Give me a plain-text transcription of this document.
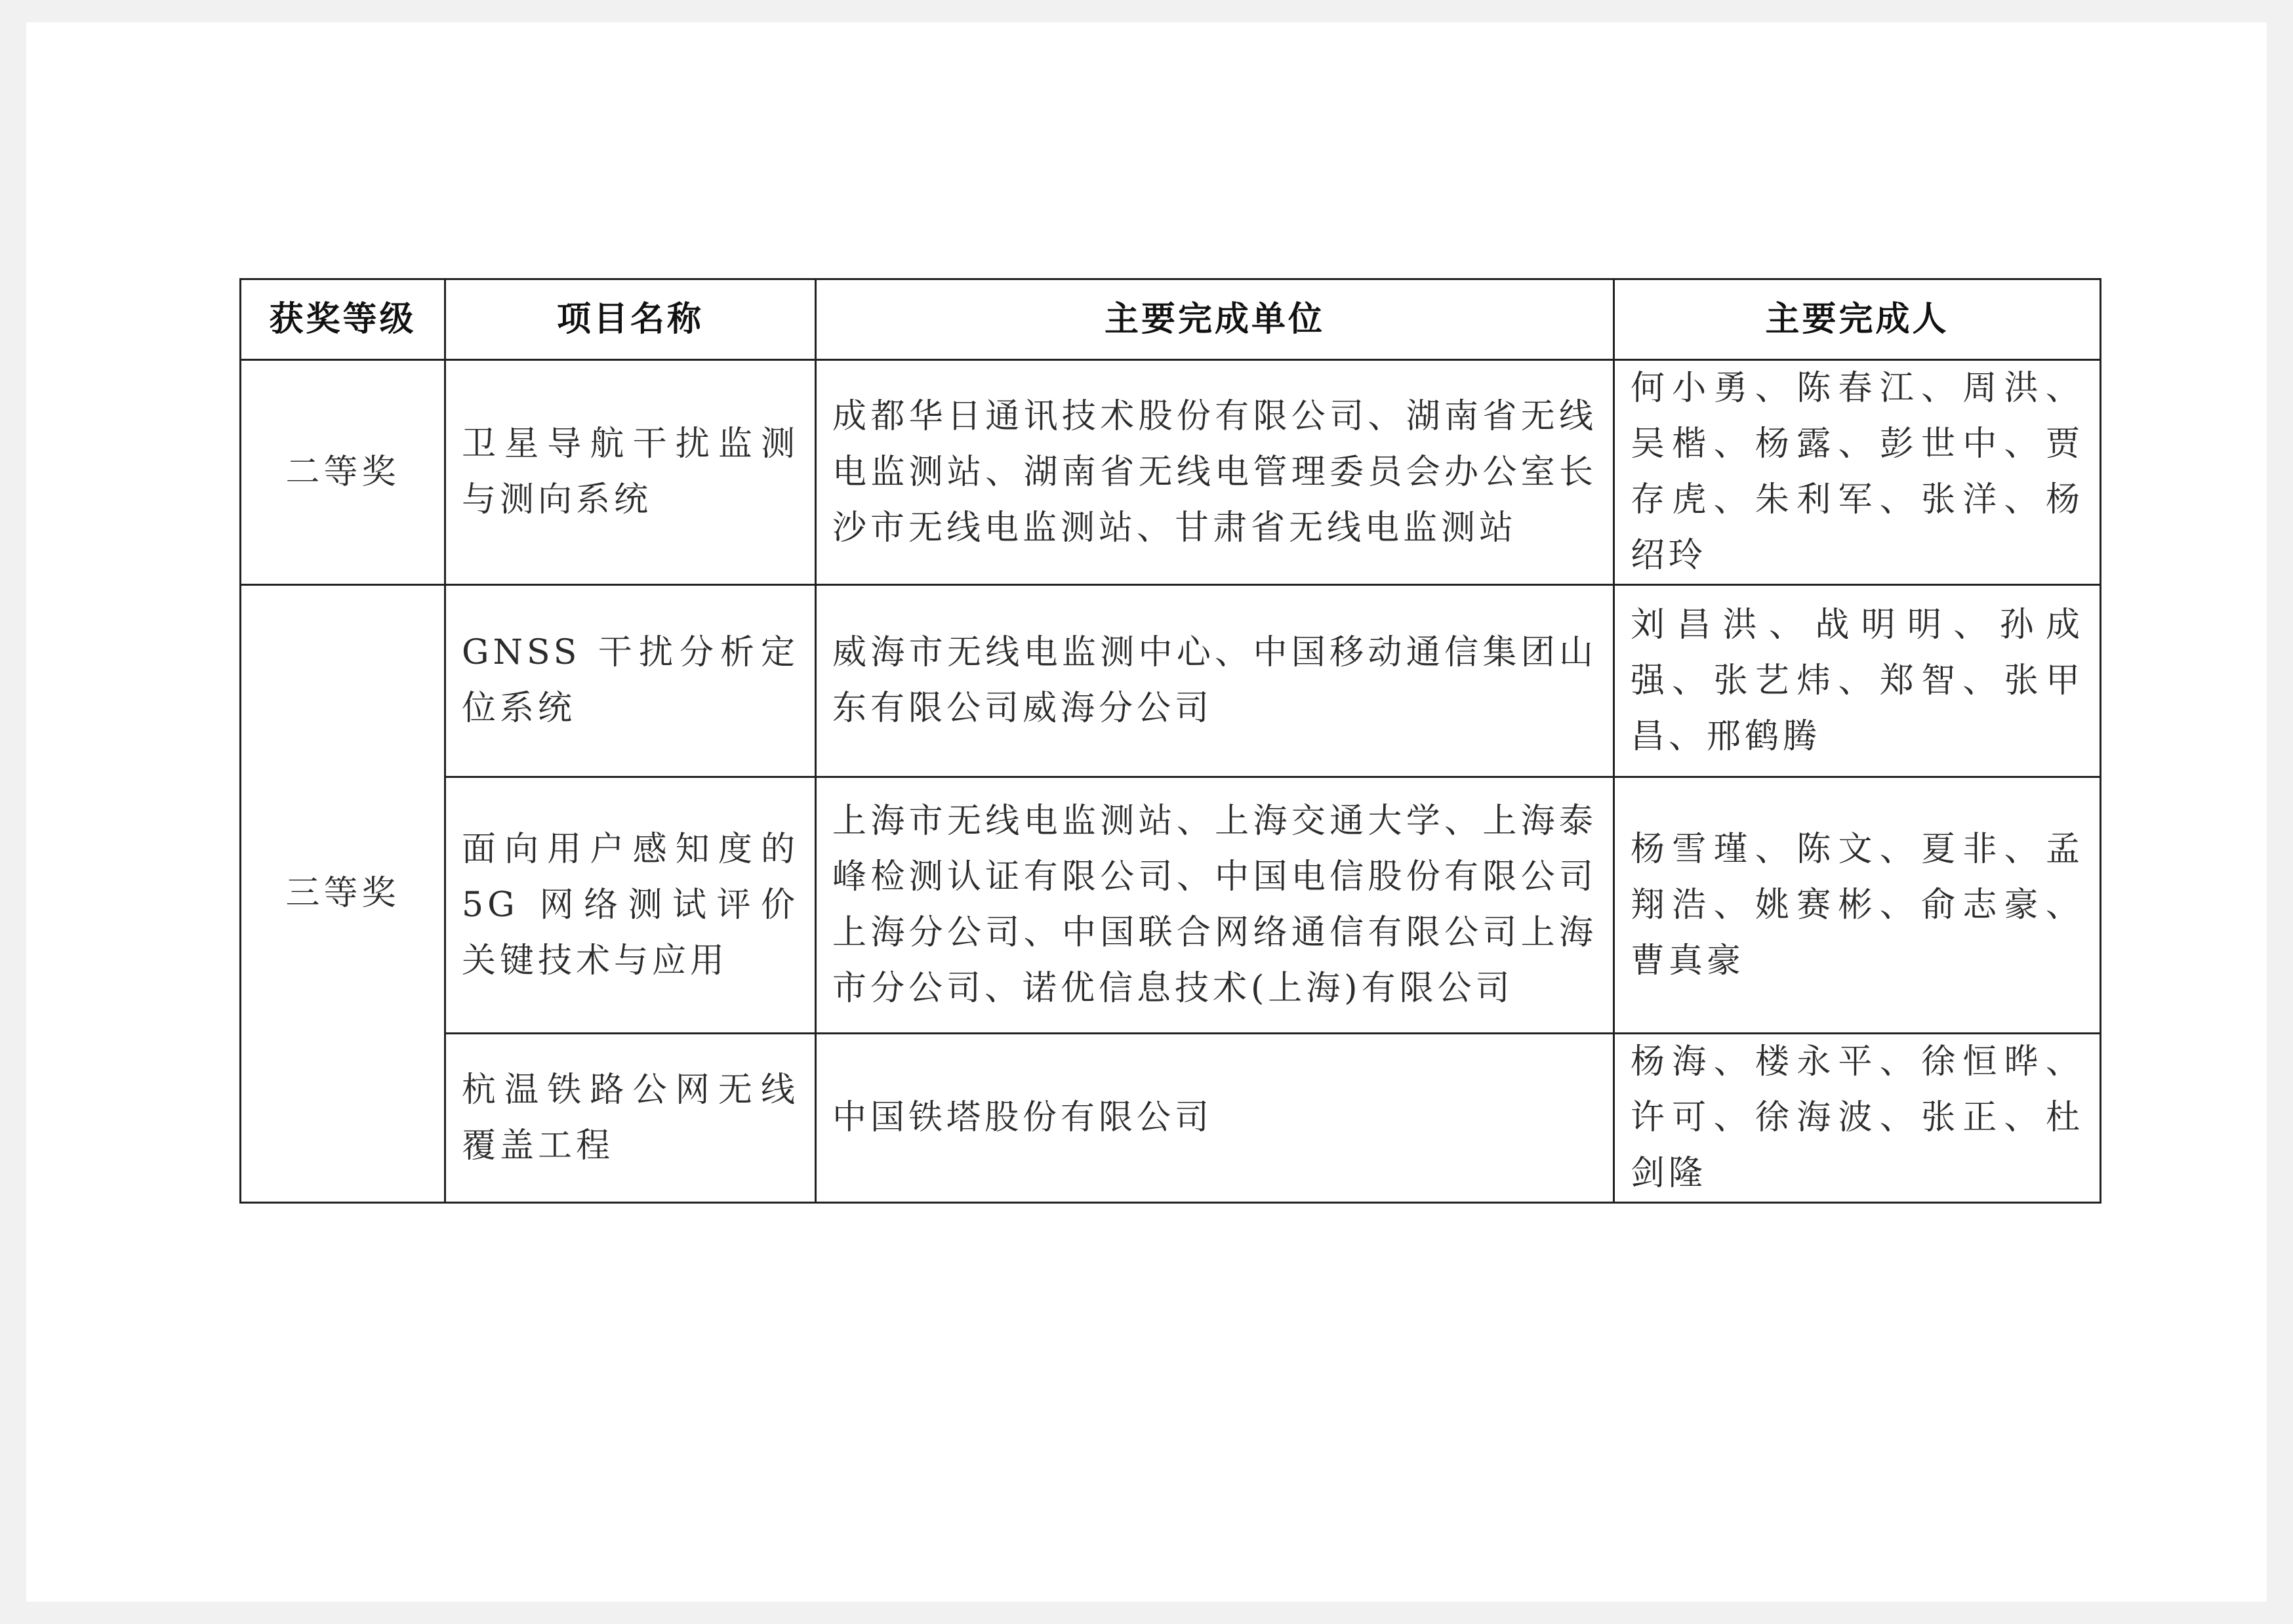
获奖等级	项目名称	主要完成单位	主要完成人
二等奖	卫星导航干扰监测与测向系统	成都华日通讯技术股份有限公司、湖南省无线电监测站、湖南省无线电管理委员会办公室长沙市无线电监测站、甘肃省无线电监测站	何小勇、陈春江、周洪、吴楷、杨露、彭世中、贾存虎、朱利军、张洋、杨绍玲
三等奖	GNSS 干扰分析定位系统	威海市无线电监测中心、中国移动通信集团山东有限公司威海分公司	刘昌洪、战明明、孙成强、张艺炜、郑智、张甲昌、邢鹤腾
	面向用户感知度的5G 网络测试评价关键技术与应用	上海市无线电监测站、上海交通大学、上海泰峰检测认证有限公司、中国电信股份有限公司上海分公司、中国联合网络通信有限公司上海市分公司、诺优信息技术(上海)有限公司	杨雪瑾、陈文、夏非、孟翔浩、姚赛彬、俞志豪、曹真豪
	杭温铁路公网无线覆盖工程	中国铁塔股份有限公司	杨海、楼永平、徐恒晔、许可、徐海波、张正、杜剑隆
